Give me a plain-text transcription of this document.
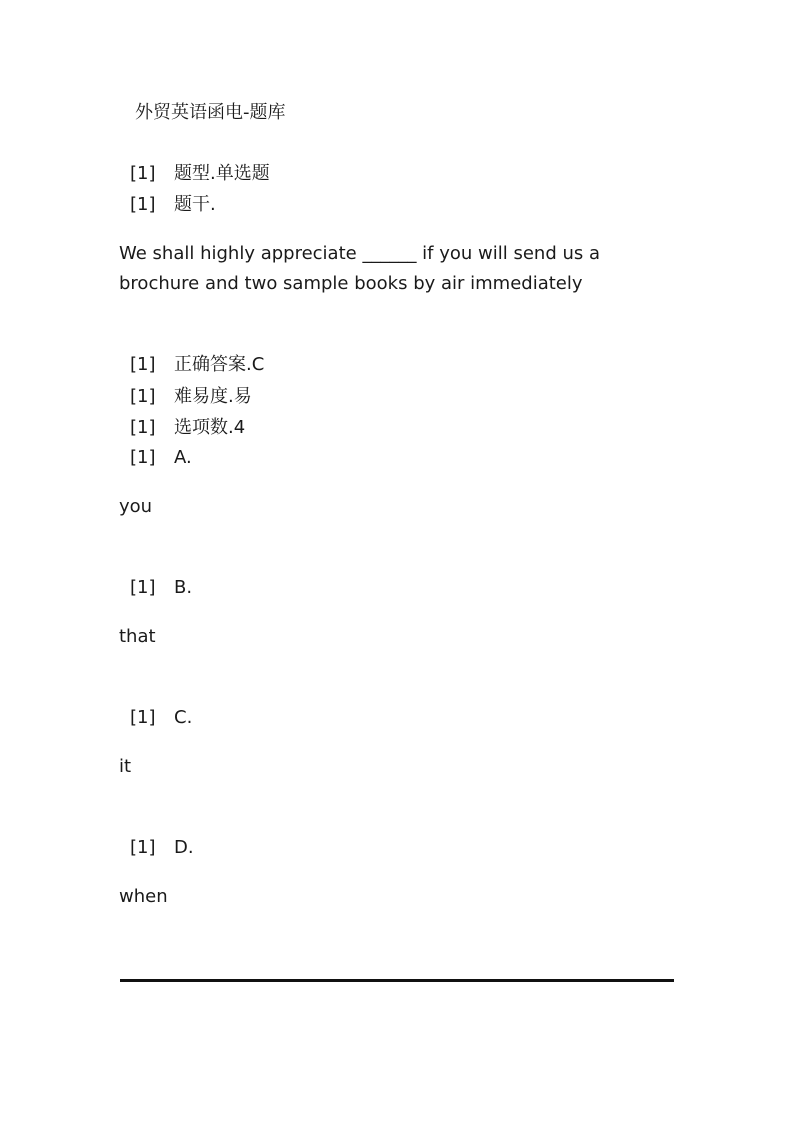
外贸英语函电-题库
[1] 题型.单选题
[1] 题干.
We shall highly appreciate ______ if you will send us a brochure and two sample books by air immediately
[1] 正确答案.C
[1] 难易度.易
[1] 选项数.4
[1] A.
you
[1] B.
that
[1] C.
it
[1] D.
when
